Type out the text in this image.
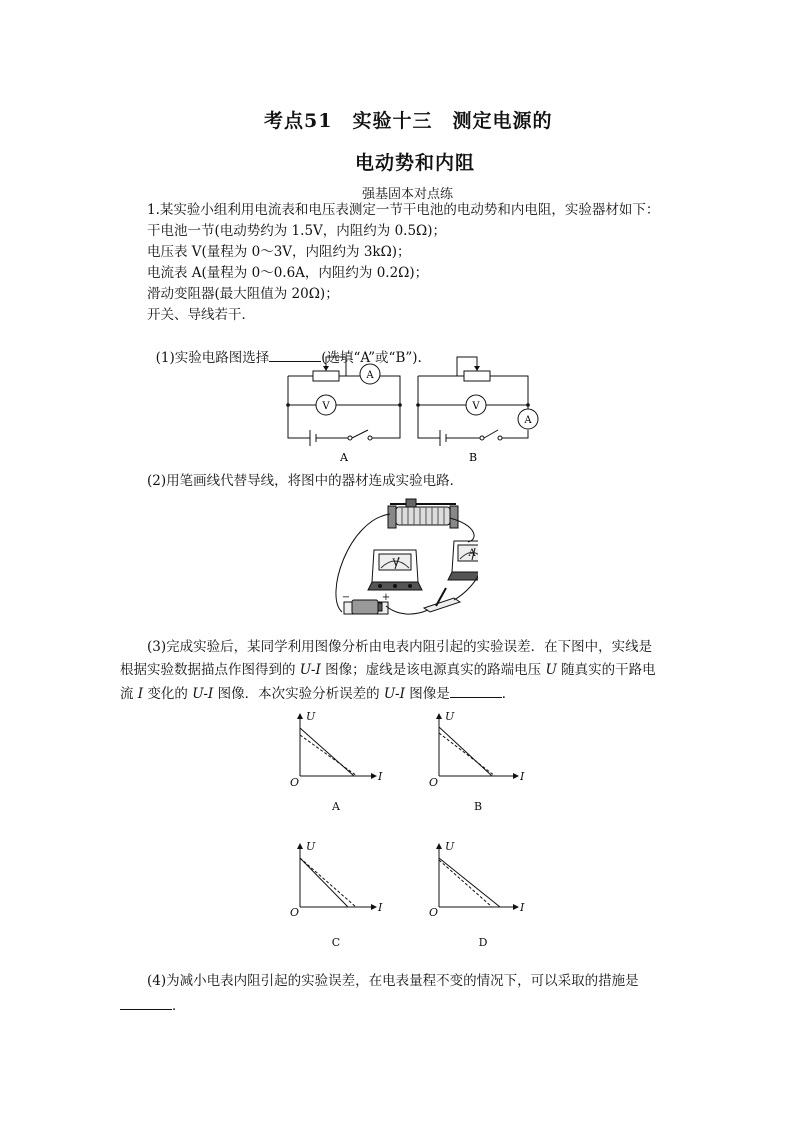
考点51　实验十三　测定电源的
电动势和内阻
强基固本对点练
1.某实验小组利用电流表和电压表测定一节干电池的电动势和内电阻，实验器材如下：
干电池一节(电动势约为 1.5V，内阻约为 0.5Ω)；
电压表 V(量程为 0～3V，内阻约为 3kΩ)；
电流表 A(量程为 0～0.6A，内阻约为 0.2Ω)；
滑动变阻器(最大阻值为 20Ω)；
开关、导线若干．

(1)实验电路图选择	(选填“A”或“B”).

A
V	V
A
A	B
(2)用笔画线代替导线，将图中的器材连成实验电路．
V
A
−	+
(3)完成实验后，某同学利用图像分析由电表内阻引起的实验误差．在下图中，实线是
根据实验数据描点作图得到的 U-I 图像；虚线是该电源真实的路端电压 U 随真实的干路电
流 I 变化的 U-I 图像．本次实验分析误差的 U-I 图像是	．
U
I
O
U
I
O
U
I
O
U
I
O
A	B
C	D
(4)为减小电表内阻引起的实验误差，在电表量程不变的情况下，可以采取的措施是
．
